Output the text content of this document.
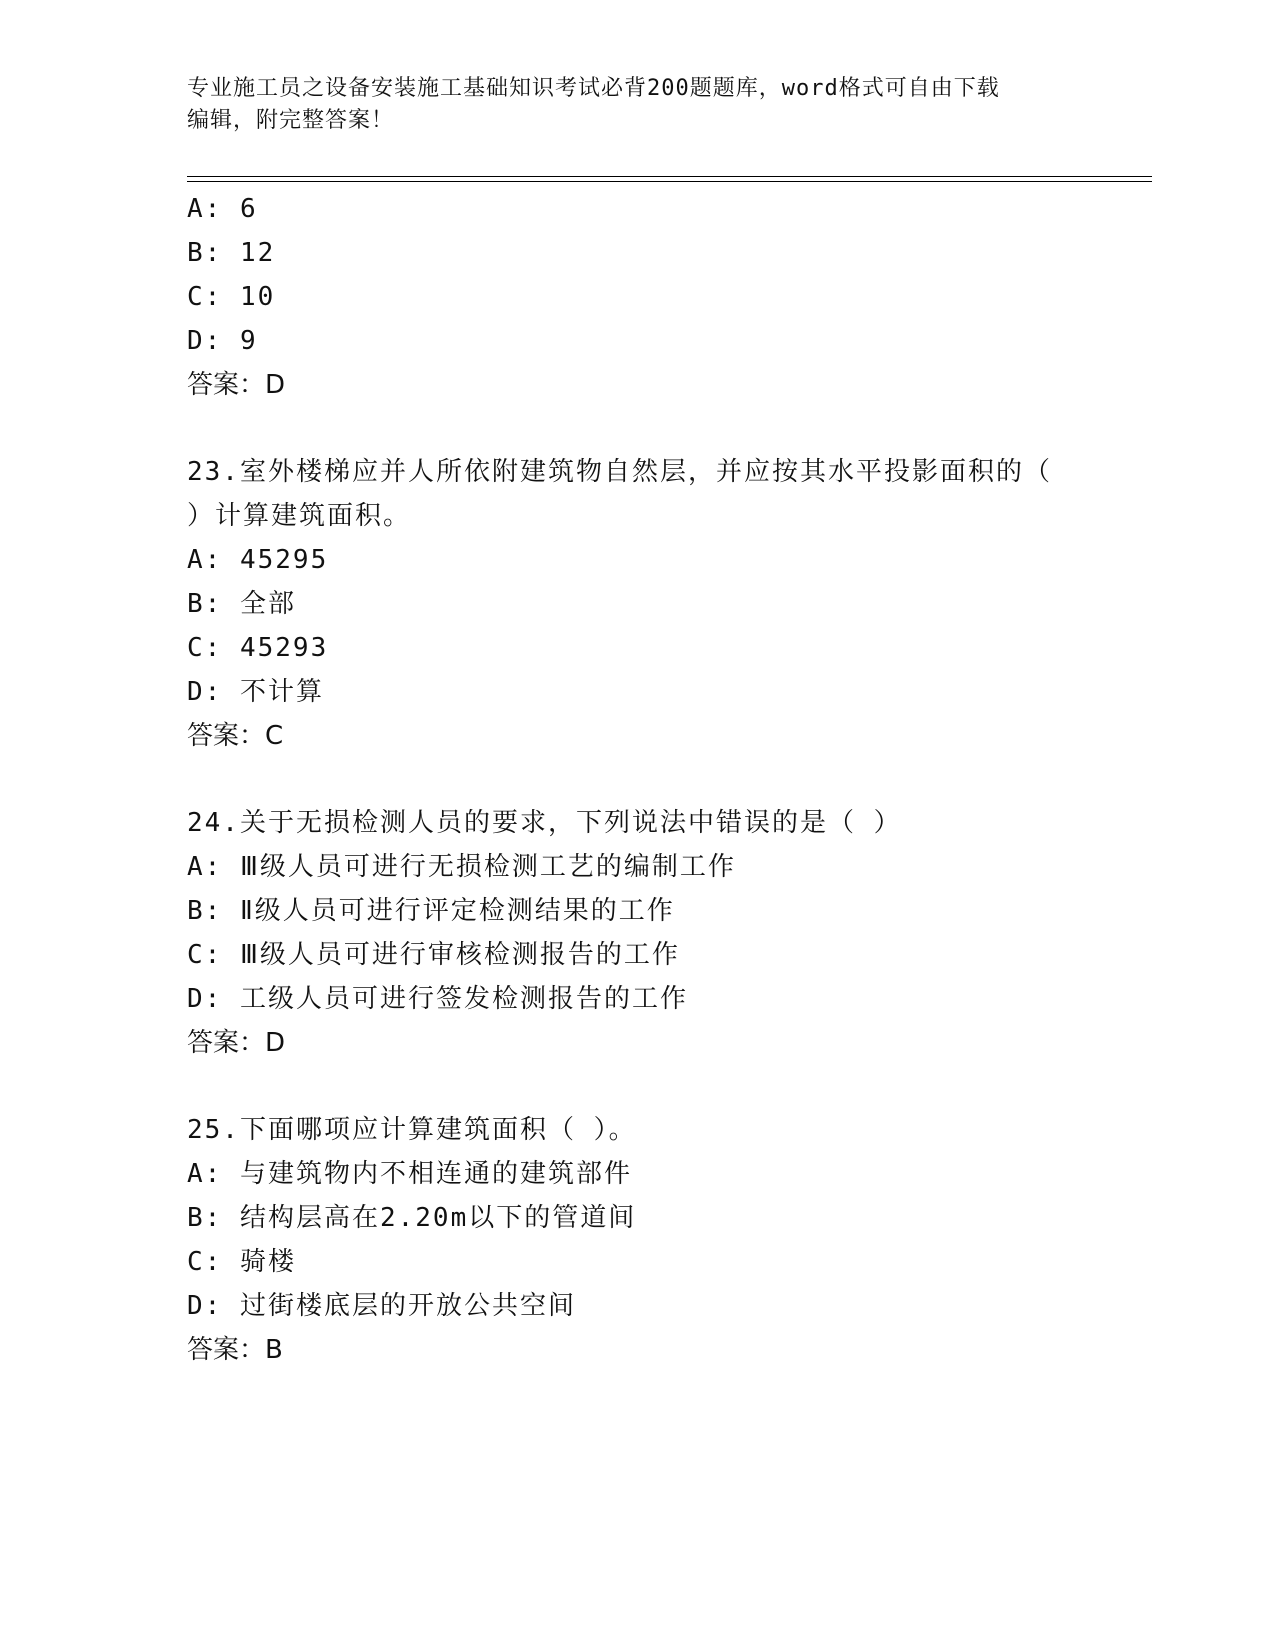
专业施工员之设备安装施工基础知识考试必背200题题库，word格式可自由下载
编辑，附完整答案！
A: 6
B: 12
C: 10
D: 9
答案：D
23.室外楼梯应并人所依附建筑物自然层，并应按其水平投影面积的（
）计算建筑面积。
A: 45295
B: 全部
C: 45293
D: 不计算
答案：C
24.关于无损检测人员的要求，下列说法中错误的是（ ）
A: Ⅲ级人员可进行无损检测工艺的编制工作
B: Ⅱ级人员可进行评定检测结果的工作
C: Ⅲ级人员可进行审核检测报告的工作
D: 工级人员可进行签发检测报告的工作
答案：D
25.下面哪项应计算建筑面积（ ）。
A: 与建筑物内不相连通的建筑部件
B: 结构层高在2.20m以下的管道间
C: 骑楼
D: 过街楼底层的开放公共空间
答案：B
